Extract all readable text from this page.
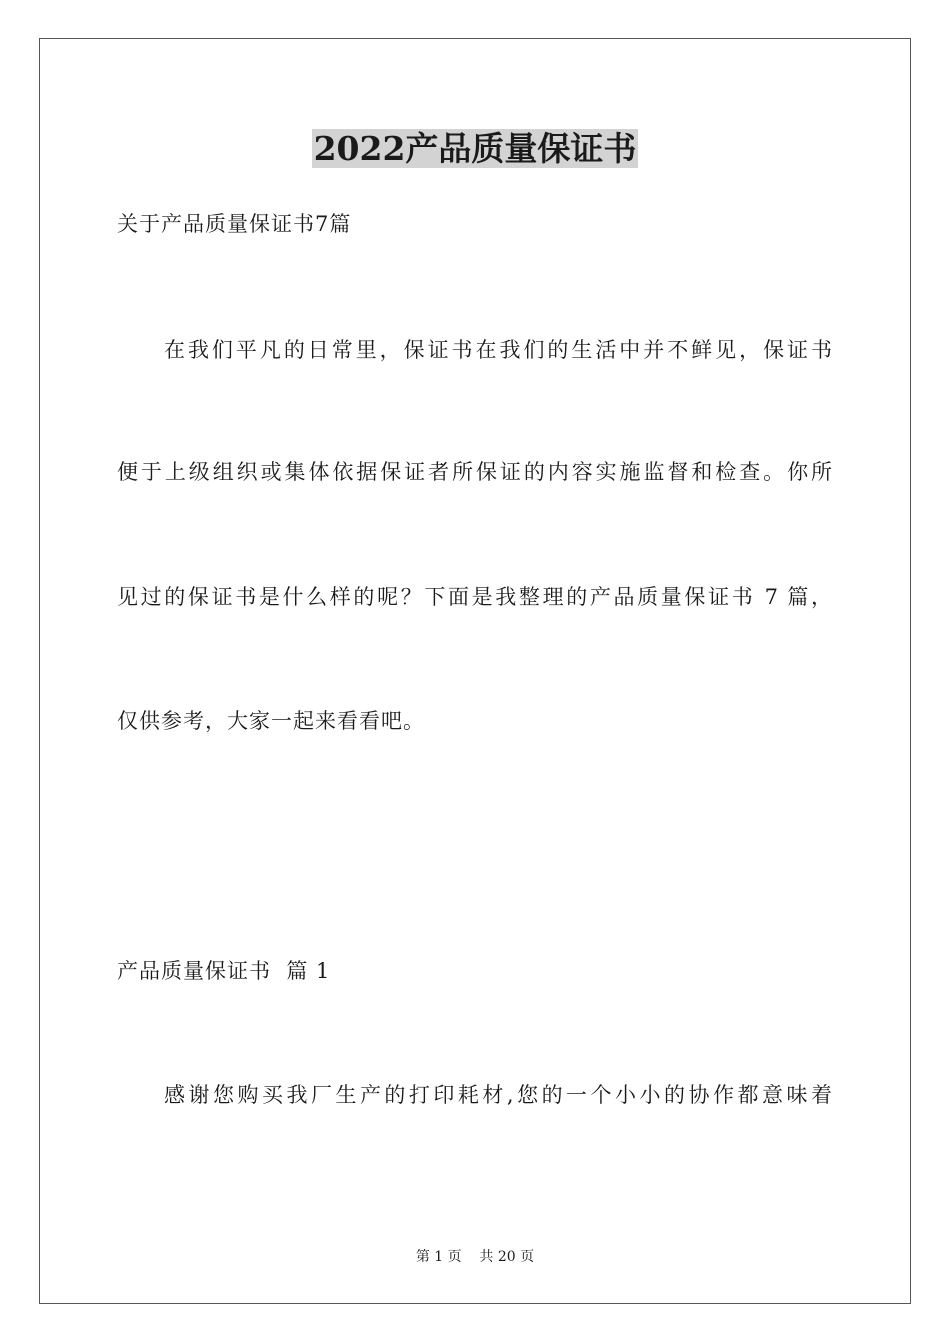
2022产品质量保证书
关于产品质量保证书7篇
在我们平凡的日常里，保证书在我们的生活中并不鲜见，保证书
便于上级组织或集体依据保证者所保证的内容实施监督和检查。你所
见过的保证书是什么样的呢？下面是我整理的产品质量保证书 7 篇，
仅供参考，大家一起来看看吧。
产品质量保证书  篇 1
感谢您购买我厂生产的打印耗材,您的一个小小的协作都意味着
第 1 页    共 20 页
